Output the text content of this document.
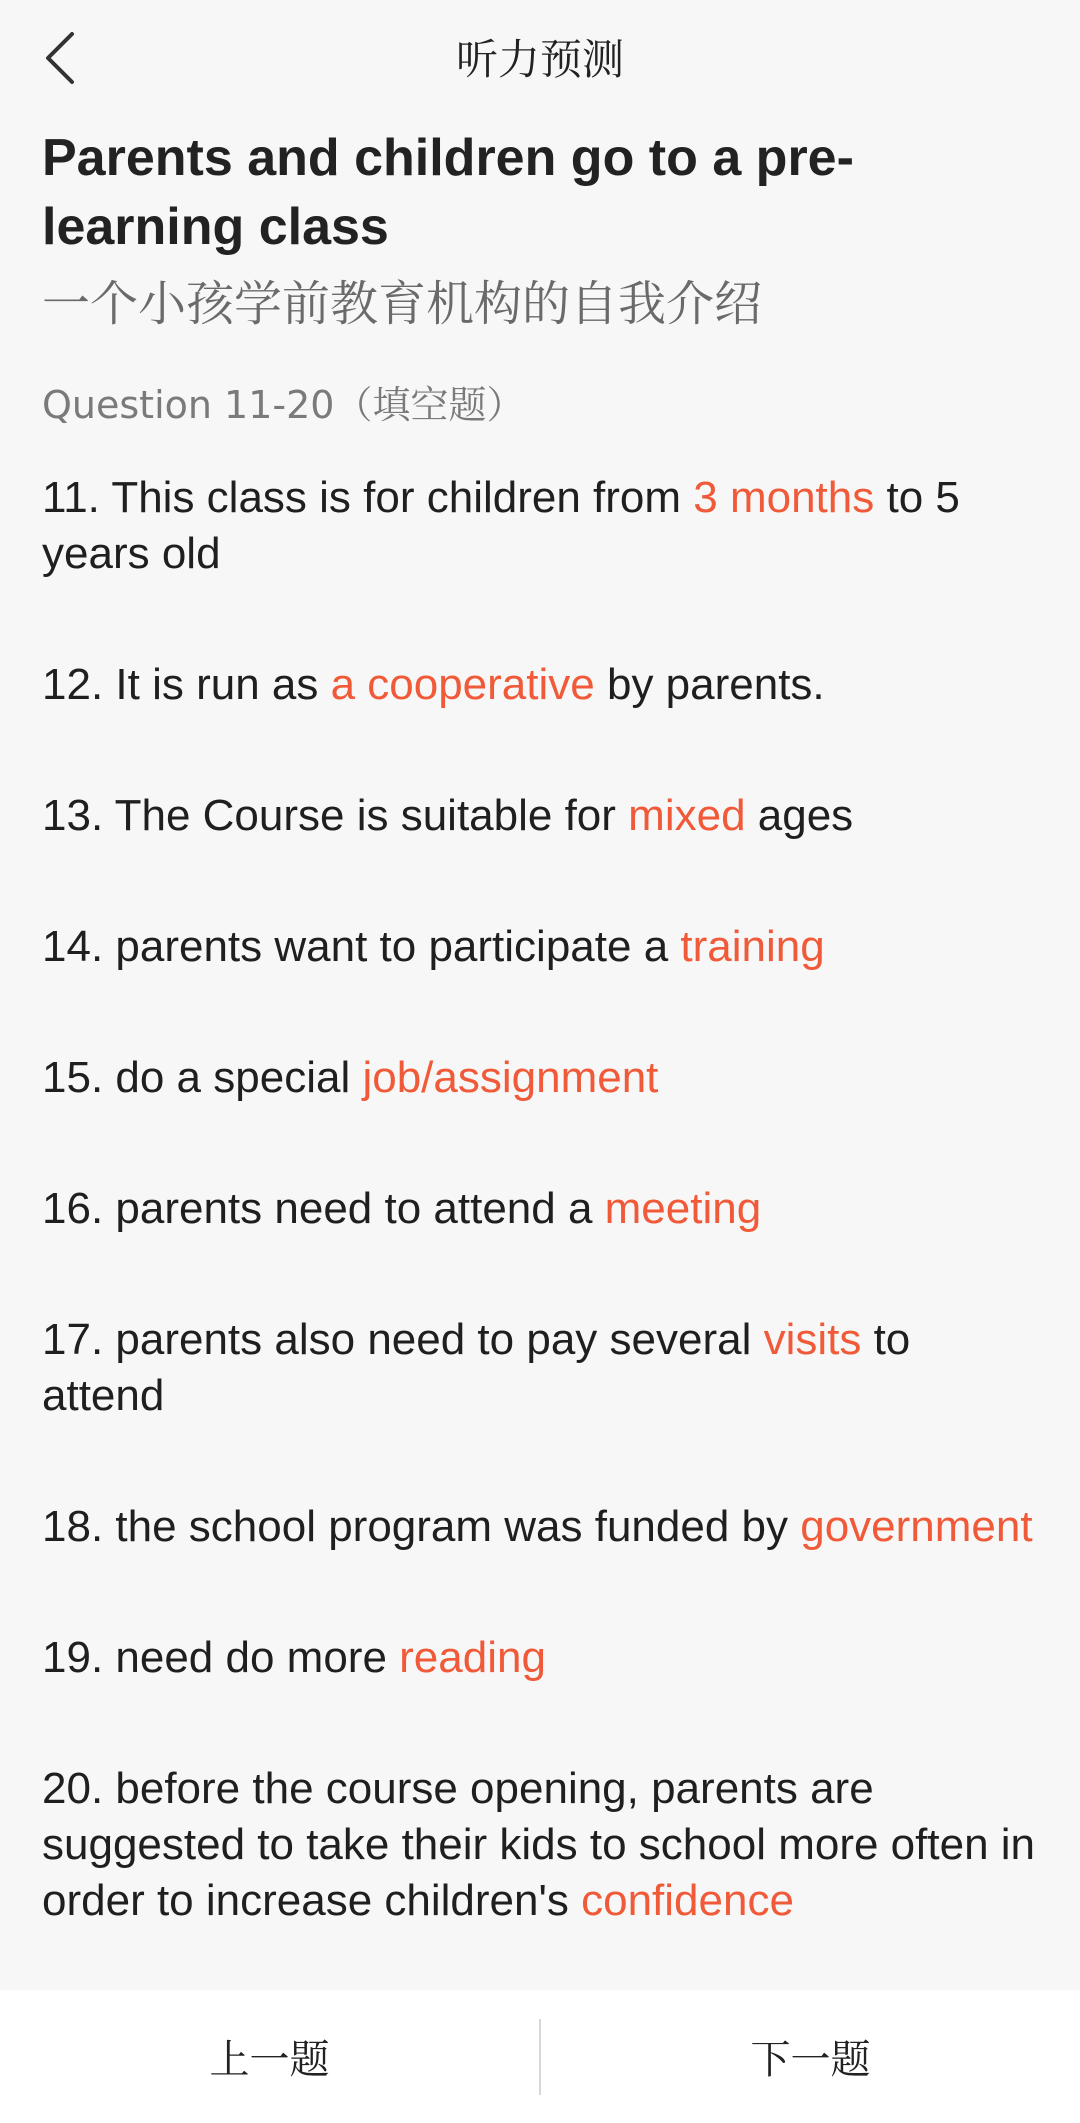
听力预测
Parents and children go to a pre-learning class
一个小孩学前教育机构的自我介绍
Question 11-20（填空题）
11. This class is for children from 3 months to 5 years old
12. It is run as a cooperative by parents.
13. The Course is suitable for mixed ages
14. parents want to participate a training
15. do a special job/assignment
16. parents need to attend a meeting
17. parents also need to pay several visits to attend
18. the school program was funded by government
19. need do more reading
20. before the course opening, parents are suggested to take their kids to school more often in order to increase children's confidence
上一题	下一题
